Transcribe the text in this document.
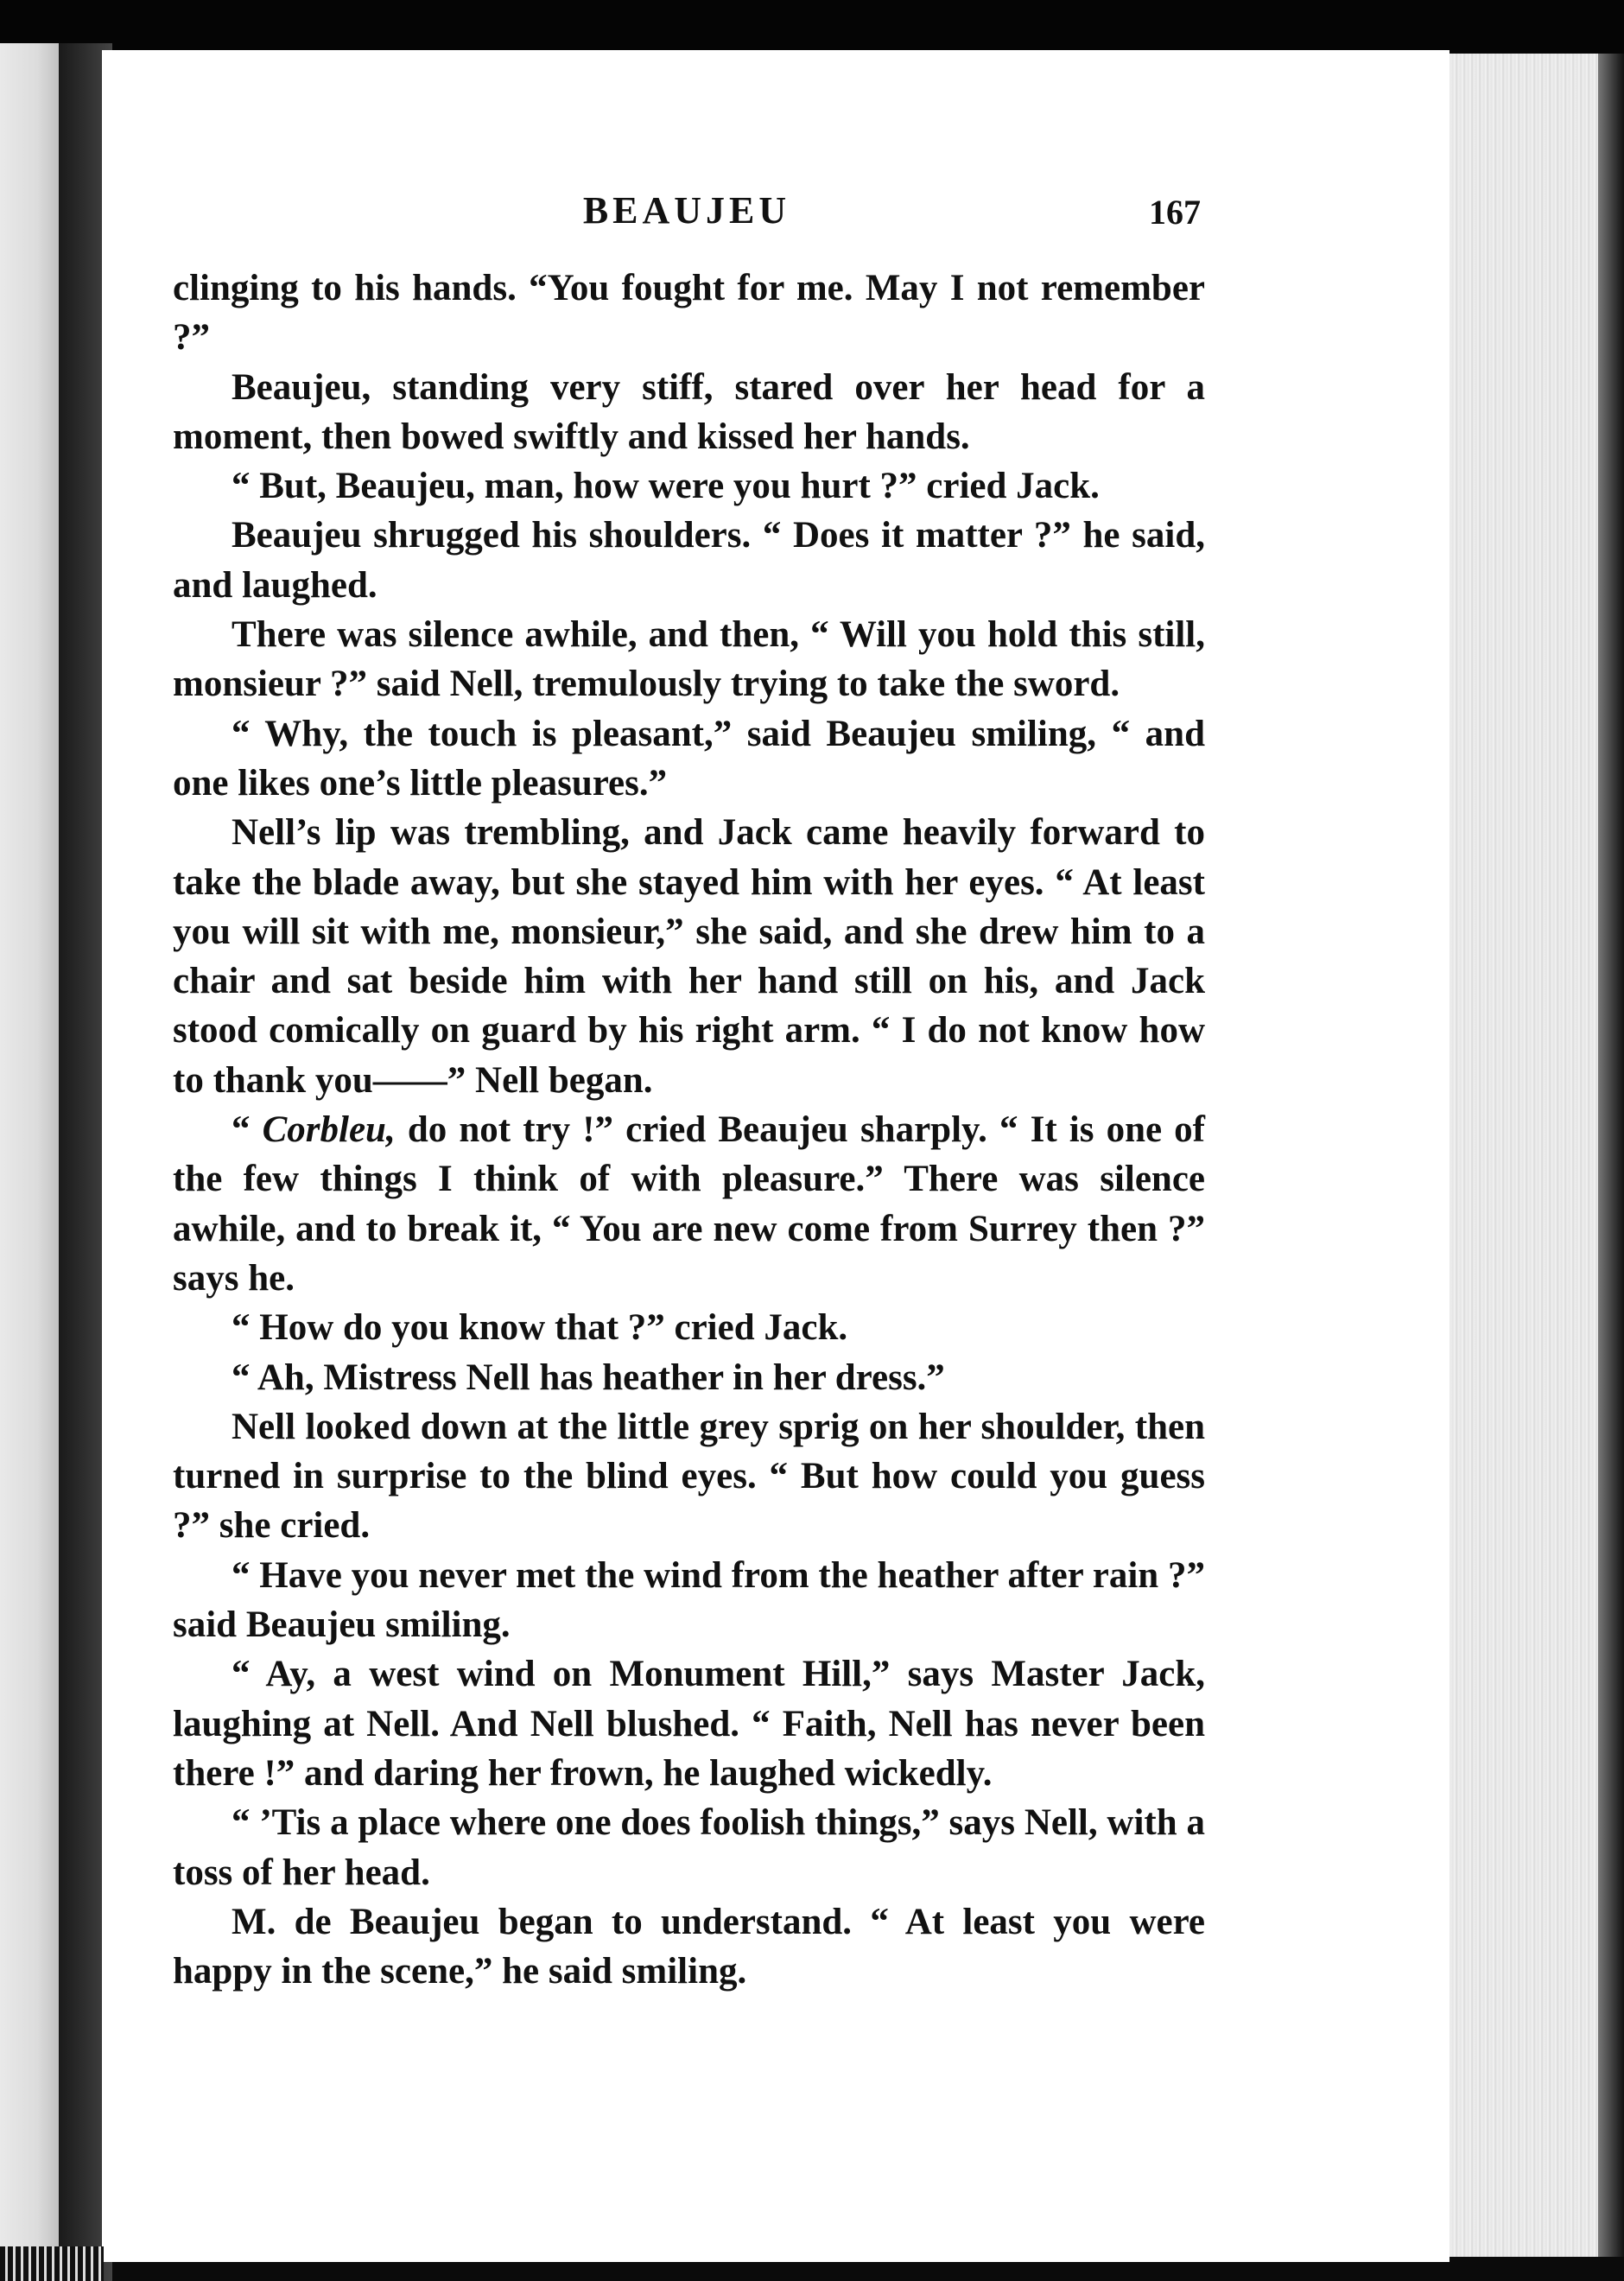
BEAUJEU	167

clinging to his hands. “You fought for me. May I not remember ?”

Beaujeu, standing very stiff, stared over her head for a moment, then bowed swiftly and kissed her hands.

“ But, Beaujeu, man, how were you hurt ?” cried Jack.

Beaujeu shrugged his shoulders. “ Does it matter ?” he said, and laughed.

There was silence awhile, and then, “ Will you hold this still, monsieur ?” said Nell, tremulously trying to take the sword.

“ Why, the touch is pleasant,” said Beaujeu smiling, “ and one likes one’s little pleasures.”

Nell’s lip was trembling, and Jack came heavily forward to take the blade away, but she stayed him with her eyes. “ At least you will sit with me, monsieur,” she said, and she drew him to a chair and sat beside him with her hand still on his, and Jack stood comically on guard by his right arm. “ I do not know how to thank you——” Nell began.

“ Corbleu, do not try !” cried Beaujeu sharply. “ It is one of the few things I think of with pleasure.” There was silence awhile, and to break it, “ You are new come from Surrey then ?” says he.

“ How do you know that ?” cried Jack.

“ Ah, Mistress Nell has heather in her dress.”

Nell looked down at the little grey sprig on her shoulder, then turned in surprise to the blind eyes. “ But how could you guess ?” she cried.

“ Have you never met the wind from the heather after rain ?” said Beaujeu smiling.

“ Ay, a west wind on Monument Hill,” says Master Jack, laughing at Nell. And Nell blushed. “ Faith, Nell has never been there !” and daring her frown, he laughed wickedly.

“ ’Tis a place where one does foolish things,” says Nell, with a toss of her head.

M. de Beaujeu began to understand. “ At least you were happy in the scene,” he said smiling.
